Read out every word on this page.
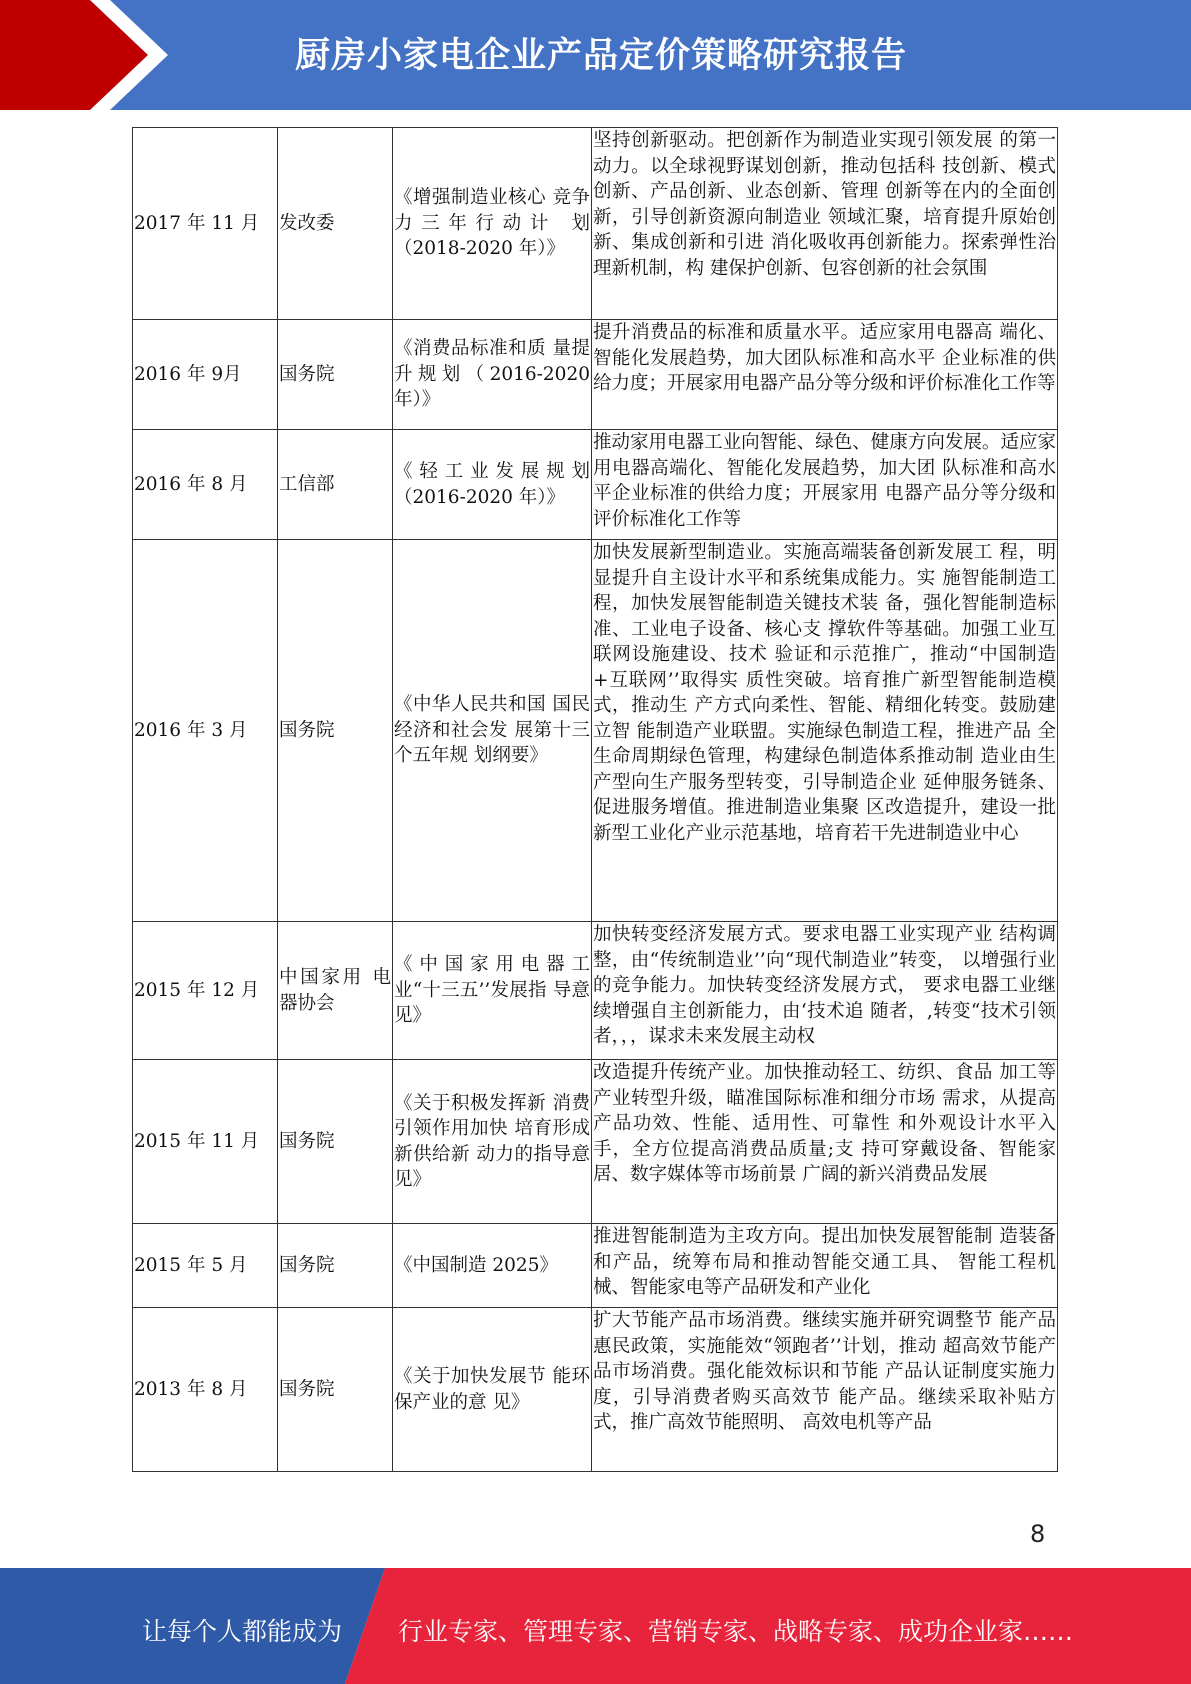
厨房小家电企业产品定价策略研究报告
2017 年 11 月	发改委	《增强制造业核心 竞争力三年行动计 划（2018-2020 年）》	坚持创新驱动。把创新作为制造业实现引领发展 的第一动力。以全球视野谋划创新，推动包括科 技创新、模式创新、产品创新、业态创新、管理 创新等在内的全面创新，引导创新资源向制造业 领域汇聚，培育提升原始创新、集成创新和引进 消化吸收再创新能力。探索弹性治理新机制，构 建保护创新、包容创新的社会氛围
2016 年 9月	国务院	《消费品标准和质 量提升规划（2016-2020 年）》	提升消费品的标准和质量水平。适应家用电器高 端化、智能化发展趋势，加大团队标准和高水平 企业标准的供给力度；开展家用电器产品分等分级和评价标准化工作等
2016 年 8 月	工信部	《轻工业发展规划（2016-2020 年）》	推动家用电器工业向智能、绿色、健康方向发展。适应家用电器高端化、智能化发展趋势，加大团 队标准和高水平企业标准的供给力度；开展家用 电器产品分等分级和评价标准化工作等
2016 年 3 月	国务院	《中华人民共和国 国民经济和社会发 展第十三个五年规 划纲要》	加快发展新型制造业。实施高端装备创新发展工 程，明显提升自主设计水平和系统集成能力。实 施智能制造工程，加快发展智能制造关键技术装 备，强化智能制造标准、工业电子设备、核心支 撑软件等基础。加强工业互联网设施建设、技术 验证和示范推广，推动“中国制造+互联网’’取得实 质性突破。培育推广新型智能制造模式，推动生 产方式向柔性、智能、精细化转变。鼓励建立智 能制造产业联盟。实施绿色制造工程，推进产品 全生命周期绿色管理，构建绿色制造体系推动制 造业由生产型向生产服务型转变，引导制造企业 延伸服务链条、促进服务增值。推进制造业集聚 区改造提升，建设一批新型工业化产业示范基地，培育若干先进制造业中心
2015 年 12 月	中国家用 电器协会	《中国家用电器工 业“十三五’’发展指 导意见》	加快转变经济发展方式。要求电器工业实现产业 结构调整，由“传统制造业’’向“现代制造业”转变， 以增强行业的竞争能力。加快转变经济发展方式， 要求电器工业继续增强自主创新能力，由‘技术追 随者，,转变“技术引领者，，，谋求未来发展主动权
2015 年 11 月	国务院	《关于积极发挥新 消费引领作用加快 培育形成新供给新 动力的指导意见》	改造提升传统产业。加快推动轻工、纺织、食品 加工等产业转型升级，瞄准国际标准和细分市场 需求，从提高产品功效、性能、适用性、可靠性 和外观设计水平入手，全方位提高消费品质量;支 持可穿戴设备、智能家居、数字媒体等市场前景 广阔的新兴消费品发展
2015 年 5 月	国务院	《中国制造 2025》	推进智能制造为主攻方向。提出加快发展智能制 造装备和产品，统筹布局和推动智能交通工具、 智能工程机械、智能家电等产品研发和产业化
2013 年 8 月	国务院	《关于加快发展节 能环保产业的意 见》	扩大节能产品市场消费。继续实施并研究调整节 能产品惠民政策，实施能效“领跑者’’计划，推动 超高效节能产品市场消费。强化能效标识和节能 产品认证制度实施力度，引导消费者购买高效节 能产品。继续采取补贴方式，推广高效节能照明、 高效电机等产品
8
让每个人都能成为 行业专家、管理专家、营销专家、战略专家、成功企业家……
